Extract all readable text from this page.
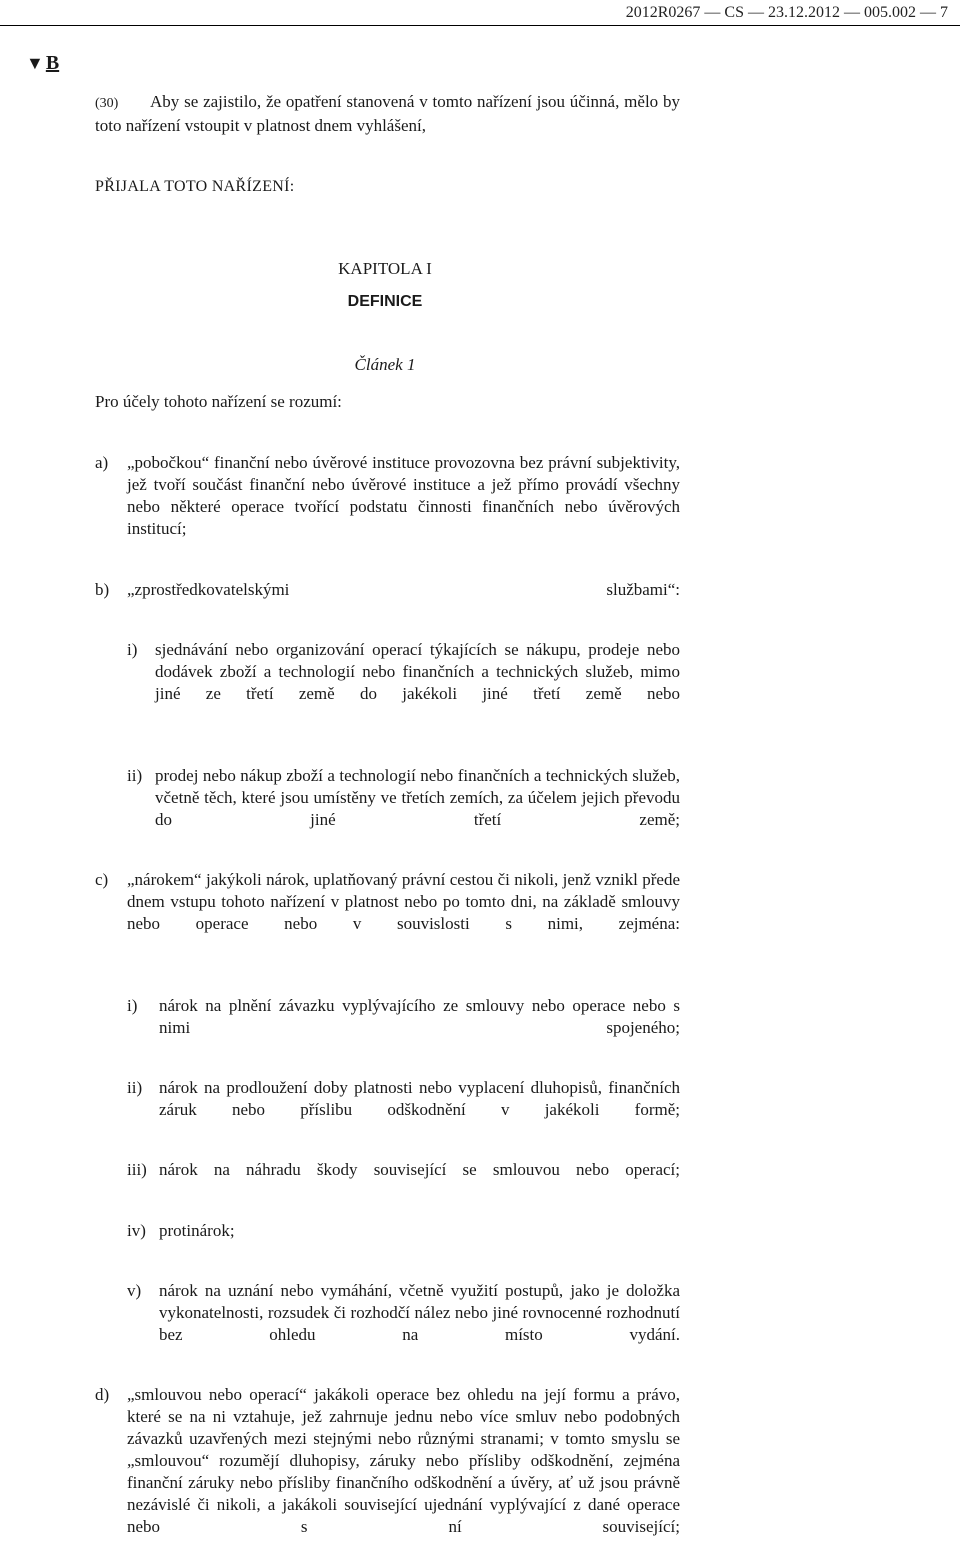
2012R0267 — CS — 23.12.2012 — 005.002 — 7
▼ B
(30) Aby se zajistilo, že opatření stanovená v tomto nařízení jsou účinná, mělo by toto nařízení vstoupit v platnost dnem vyhlášení,
PŘIJALA TOTO NAŘÍZENÍ:
KAPITOLA I
DEFINICE
Článek 1
Pro účely tohoto nařízení se rozumí:
a) „pobočkou“ finanční nebo úvěrové instituce provozovna bez právní subjektivity, jež tvoří součást finanční nebo úvěrové instituce a jež přímo provádí všechny nebo některé operace tvořící podstatu činnosti finančních nebo úvěrových institucí;
b) „zprostředkovatelskými službami“:
i) sjednávání nebo organizování operací týkajících se nákupu, prodeje nebo dodávek zboží a technologií nebo finančních a technických služeb, mimo jiné ze třetí země do jakékoli jiné třetí země nebo
ii) prodej nebo nákup zboží a technologií nebo finančních a technických služeb, včetně těch, které jsou umístěny ve třetích zemích, za účelem jejich převodu do jiné třetí země;
c) „nárokem“ jakýkoli nárok, uplatňovaný právní cestou či nikoli, jenž vznikl přede dnem vstupu tohoto nařízení v platnost nebo po tomto dni, na základě smlouvy nebo operace nebo v souvislosti s nimi, zejména:
i) nárok na plnění závazku vyplývajícího ze smlouvy nebo operace nebo s nimi spojeného;
ii) nárok na prodloužení doby platnosti nebo vyplacení dluhopisů, finančních záruk nebo příslibu odškodnění v jakékoli formě;
iii) nárok na náhradu škody související se smlouvou nebo operací;
iv) protinárok;
v) nárok na uznání nebo vymáhání, včetně využití postupů, jako je doložka vykonatelnosti, rozsudek či rozhodčí nález nebo jiné rovnocenné rozhodnutí bez ohledu na místo vydání.
d) „smlouvou nebo operací“ jakákoli operace bez ohledu na její formu a právo, které se na ni vztahuje, jež zahrnuje jednu nebo více smluv nebo podobných závazků uzavřených mezi stejnými nebo různými stranami; v tomto smyslu se „smlouvou“ rozumějí dluhopisy, záruky nebo přísliby odškodnění, zejména finanční záruky nebo přísliby finančního odškodnění a úvěry, ať už jsou právně nezávislé či nikoli, a jakákoli související ujednání vyplývající z dané operace nebo s ní související;
